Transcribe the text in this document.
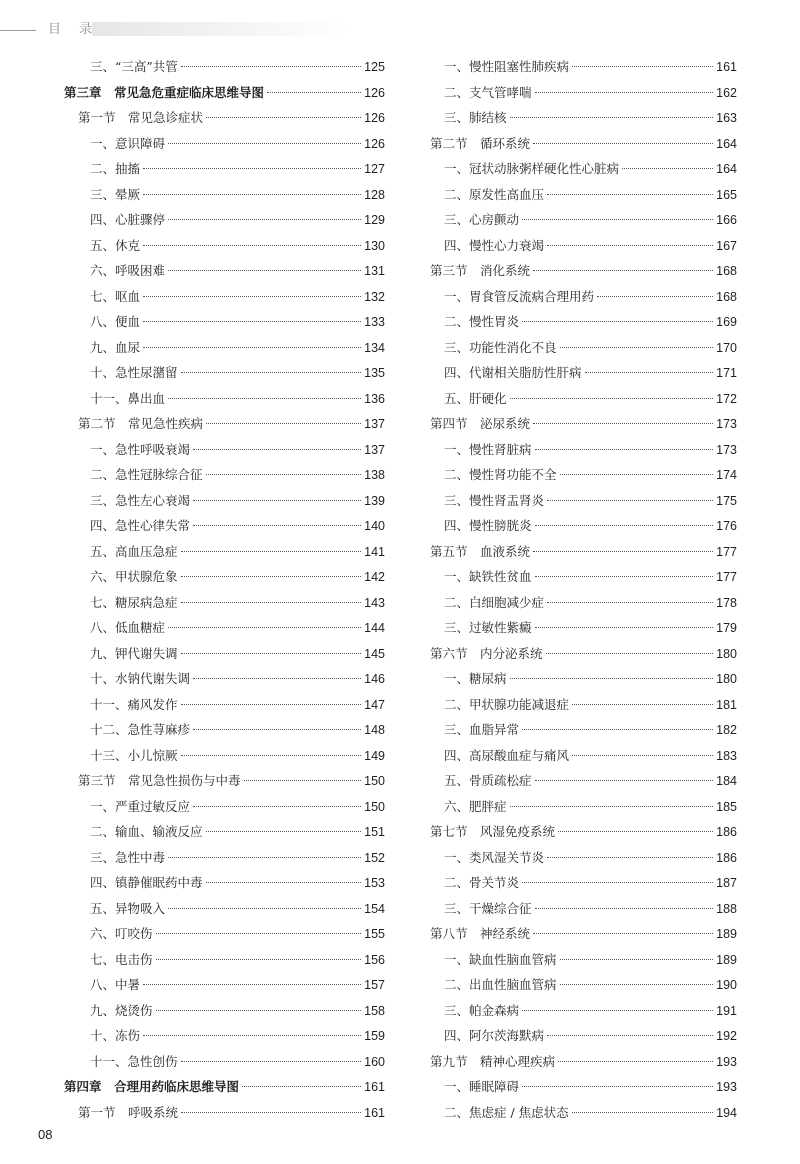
目 录
三、“三高”共管	125
第三章　常见急危重症临床思维导图	126
第一节　常见急诊症状	126
一、意识障碍	126
二、抽搐	127
三、晕厥	128
四、心脏骤停	129
五、休克	130
六、呼吸困难	131
七、呕血	132
八、便血	133
九、血尿	134
十、急性尿潴留	135
十一、鼻出血	136
第二节　常见急性疾病	137
一、急性呼吸衰竭	137
二、急性冠脉综合征	138
三、急性左心衰竭	139
四、急性心律失常	140
五、高血压急症	141
六、甲状腺危象	142
七、糖尿病急症	143
八、低血糖症	144
九、钾代谢失调	145
十、水钠代谢失调	146
十一、痛风发作	147
十二、急性荨麻疹	148
十三、小儿惊厥	149
第三节　常见急性损伤与中毒	150
一、严重过敏反应	150
二、输血、输液反应	151
三、急性中毒	152
四、镇静催眠药中毒	153
五、异物吸入	154
六、叮咬伤	155
七、电击伤	156
八、中暑	157
九、烧烫伤	158
十、冻伤	159
十一、急性创伤	160
第四章　合理用药临床思维导图	161
第一节　呼吸系统	161
一、慢性阻塞性肺疾病	161
二、支气管哮喘	162
三、肺结核	163
第二节　循环系统	164
一、冠状动脉粥样硬化性心脏病	164
二、原发性高血压	165
三、心房颤动	166
四、慢性心力衰竭	167
第三节　消化系统	168
一、胃食管反流病合理用药	168
二、慢性胃炎	169
三、功能性消化不良	170
四、代谢相关脂肪性肝病	171
五、肝硬化	172
第四节　泌尿系统	173
一、慢性肾脏病	173
二、慢性肾功能不全	174
三、慢性肾盂肾炎	175
四、慢性膀胱炎	176
第五节　血液系统	177
一、缺铁性贫血	177
二、白细胞减少症	178
三、过敏性紫癜	179
第六节　内分泌系统	180
一、糖尿病	180
二、甲状腺功能减退症	181
三、血脂异常	182
四、高尿酸血症与痛风	183
五、骨质疏松症	184
六、肥胖症	185
第七节　风湿免疫系统	186
一、类风湿关节炎	186
二、骨关节炎	187
三、干燥综合征	188
第八节　神经系统	189
一、缺血性脑血管病	189
二、出血性脑血管病	190
三、帕金森病	191
四、阿尔茨海默病	192
第九节　精神心理疾病	193
一、睡眠障碍	193
二、焦虑症 / 焦虑状态	194
08
